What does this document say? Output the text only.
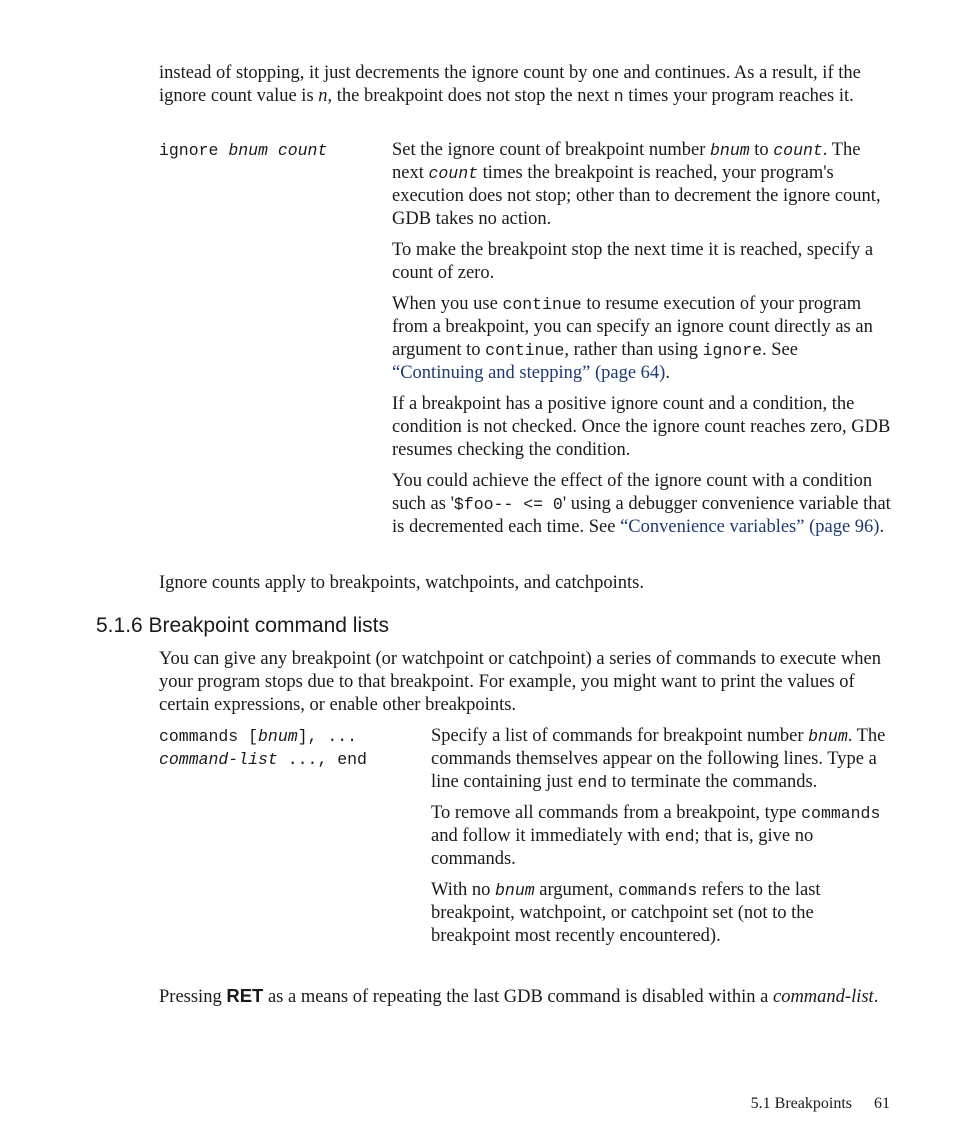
instead of stopping, it just decrements the ignore count by one and continues. As a result, if the ignore count value is n, the breakpoint does not stop the next n times your program reaches it.

ignore bnum count	Set the ignore count of breakpoint number bnum to count. The next count times the breakpoint is reached, your program's execution does not stop; other than to decrement the ignore count, GDB takes no action.

To make the breakpoint stop the next time it is reached, specify a count of zero.

When you use continue to resume execution of your program from a breakpoint, you can specify an ignore count directly as an argument to continue, rather than using ignore. See “Continuing and stepping” (page 64).

If a breakpoint has a positive ignore count and a condition, the condition is not checked. Once the ignore count reaches zero, GDB resumes checking the condition.

You could achieve the effect of the ignore count with a condition such as '$foo-- <= 0' using a debugger convenience variable that is decremented each time. See “Convenience variables” (page 96).

Ignore counts apply to breakpoints, watchpoints, and catchpoints.

5.1.6 Breakpoint command lists

You can give any breakpoint (or watchpoint or catchpoint) a series of commands to execute when your program stops due to that breakpoint. For example, you might want to print the values of certain expressions, or enable other breakpoints.

commands [bnum], ...
command-list ..., end

Specify a list of commands for breakpoint number bnum. The commands themselves appear on the following lines. Type a line containing just end to terminate the commands.

To remove all commands from a breakpoint, type commands and follow it immediately with end; that is, give no commands.

With no bnum argument, commands refers to the last breakpoint, watchpoint, or catchpoint set (not to the breakpoint most recently encountered).

Pressing RET as a means of repeating the last GDB command is disabled within a command-list.

5.1 Breakpoints 61
